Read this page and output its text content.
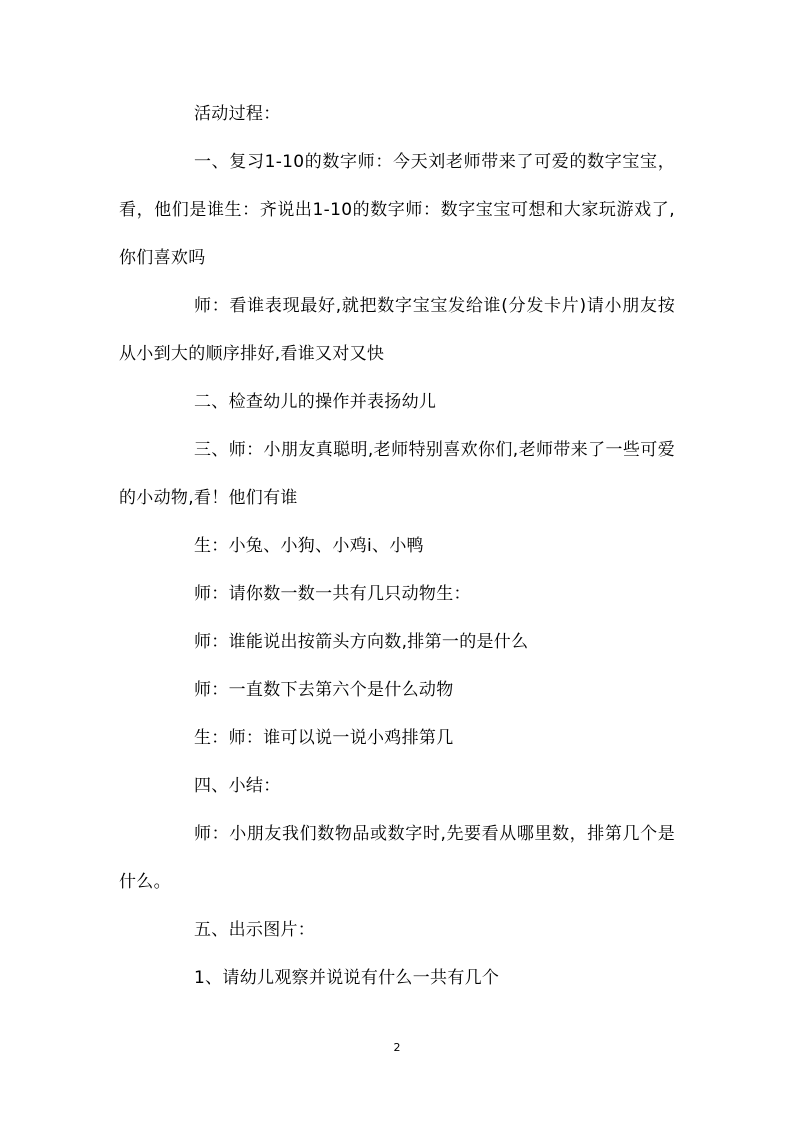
活动过程：

一、复习1-10的数字师：今天刘老师带来了可爱的数字宝宝，看，他们是谁生：齐说出1-10的数字师：数字宝宝可想和大家玩游戏了,你们喜欢吗

师：看谁表现最好,就把数字宝宝发给谁(分发卡片)请小朋友按从小到大的顺序排好,看谁又对又快

二、检查幼儿的操作并表扬幼儿

三、师：小朋友真聪明,老师特别喜欢你们,老师带来了一些可爱的小动物,看！他们有谁

生：小兔、小狗、小鸡i、小鸭

师：请你数一数一共有几只动物生：

师：谁能说出按箭头方向数,排第一的是什么

师：一直数下去第六个是什么动物

生：师：谁可以说一说小鸡排第几

四、小结：

师：小朋友我们数物品或数字时,先要看从哪里数，排第几个是什么。

五、出示图片：

1、请幼儿观察并说说有什么一共有几个

2
